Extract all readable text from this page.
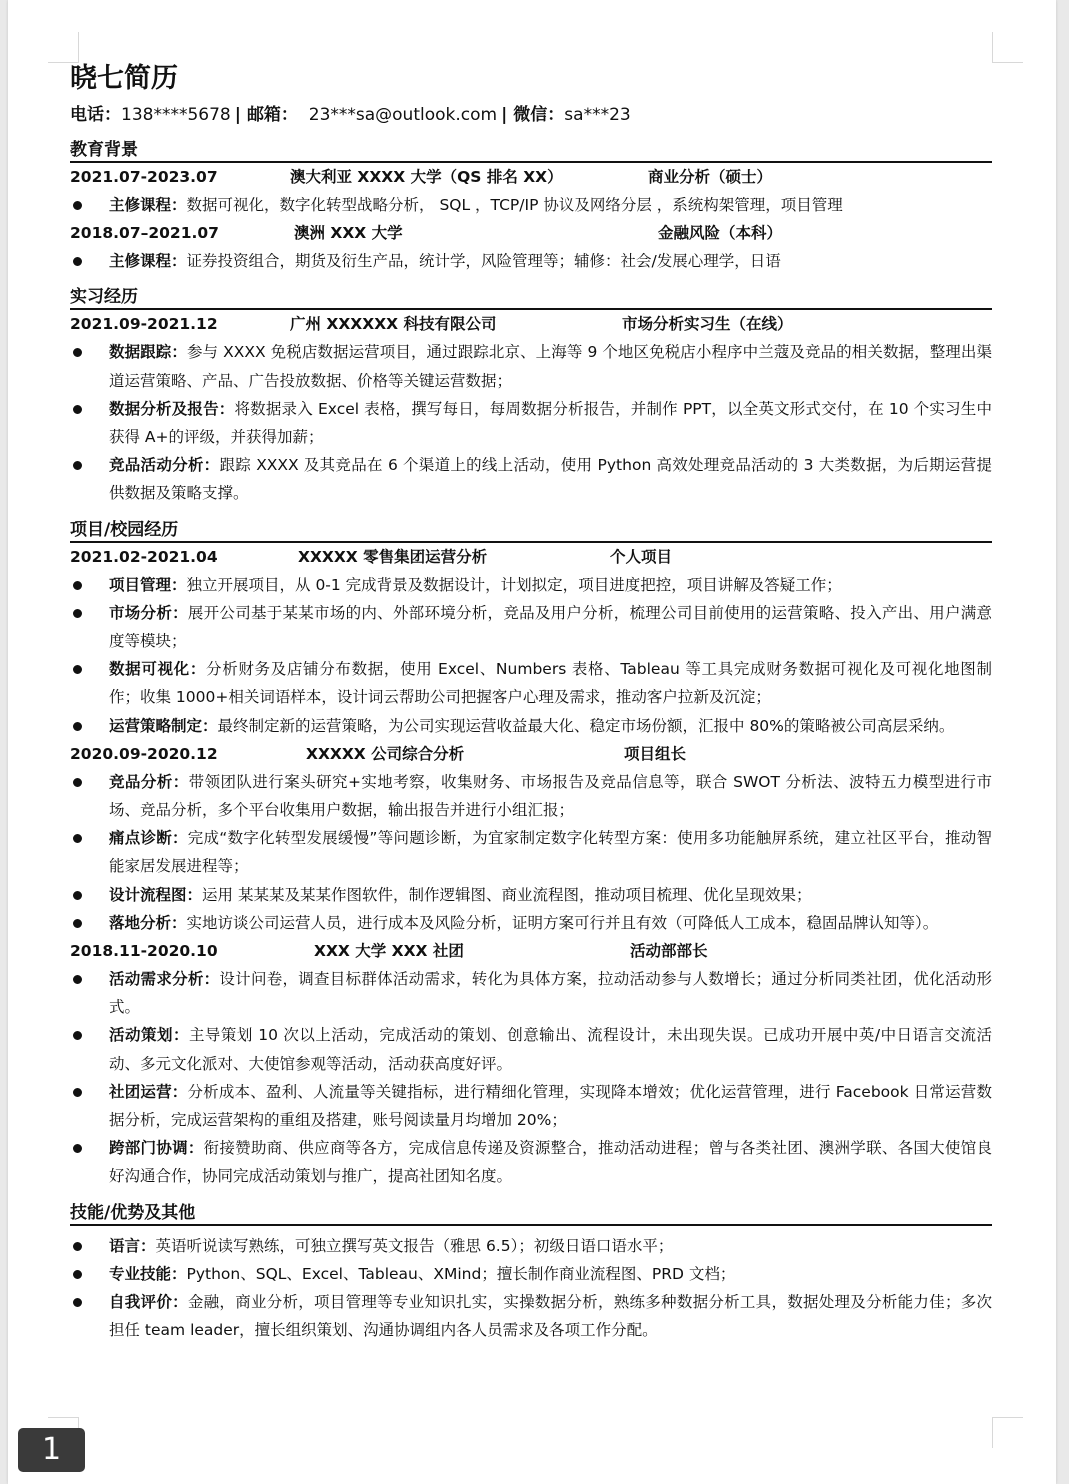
晓七简历
电话：138****5678 | 邮箱： 23***sa@outlook.com | 微信：sa***23
教育背景
2021.07-2023.07	澳大利亚 XXXX 大学（QS 排名 XX）	商业分析（硕士）
主修课程：数据可视化，数字化转型战略分析， SQL ，TCP/IP 协议及网络分层 ，系统构架管理，项目管理
2018.07–2021.07	澳洲 XXX 大学	金融风险（本科）
主修课程：证券投资组合，期货及衍生产品，统计学，风险管理等；辅修：社会/发展心理学，日语
实习经历
2021.09-2021.12	广州 XXXXXX 科技有限公司	市场分析实习生（在线）
数据跟踪：参与 XXXX 免税店数据运营项目，通过跟踪北京、上海等 9 个地区免税店小程序中兰蔻及竞品的相关数据，整理出渠道运营策略、产品、广告投放数据、价格等关键运营数据；
数据分析及报告：将数据录入 Excel 表格，撰写每日，每周数据分析报告，并制作 PPT，以全英文形式交付，在 10 个实习生中获得 A+的评级，并获得加薪；
竞品活动分析：跟踪 XXXX 及其竞品在 6 个渠道上的线上活动，使用 Python 高效处理竞品活动的 3 大类数据，为后期运营提供数据及策略支撑。
项目/校园经历
2021.02-2021.04	XXXXX 零售集团运营分析	个人项目
项目管理：独立开展项目，从 0-1 完成背景及数据设计，计划拟定，项目进度把控，项目讲解及答疑工作；
市场分析：展开公司基于某某市场的内、外部环境分析，竞品及用户分析，梳理公司目前使用的运营策略、投入产出、用户满意度等模块；
数据可视化：分析财务及店铺分布数据，使用 Excel、Numbers 表格、Tableau 等工具完成财务数据可视化及可视化地图制作；收集 1000+相关词语样本，设计词云帮助公司把握客户心理及需求，推动客户拉新及沉淀；
运营策略制定：最终制定新的运营策略，为公司实现运营收益最大化、稳定市场份额，汇报中 80%的策略被公司高层采纳。
2020.09-2020.12	XXXXX 公司综合分析	项目组长
竞品分析：带领团队进行案头研究+实地考察，收集财务、市场报告及竞品信息等，联合 SWOT 分析法、波特五力模型进行市场、竞品分析，多个平台收集用户数据，输出报告并进行小组汇报；
痛点诊断：完成“数字化转型发展缓慢”等问题诊断，为宜家制定数字化转型方案：使用多功能触屏系统，建立社区平台，推动智能家居发展进程等；
设计流程图：运用 某某某及某某作图软件，制作逻辑图、商业流程图，推动项目梳理、优化呈现效果；
落地分析：实地访谈公司运营人员，进行成本及风险分析，证明方案可行并且有效（可降低人工成本，稳固品牌认知等）。
2018.11-2020.10	XXX 大学 XXX 社团	活动部部长
活动需求分析：设计问卷，调查目标群体活动需求，转化为具体方案，拉动活动参与人数增长；通过分析同类社团，优化活动形式。
活动策划：主导策划 10 次以上活动，完成活动的策划、创意输出、流程设计，未出现失误。已成功开展中英/中日语言交流活动、多元文化派对、大使馆参观等活动，活动获高度好评。
社团运营：分析成本、盈利、人流量等关键指标，进行精细化管理，实现降本增效；优化运营管理，进行 Facebook 日常运营数据分析，完成运营架构的重组及搭建，账号阅读量月均增加 20%；
跨部门协调：衔接赞助商、供应商等各方，完成信息传递及资源整合，推动活动进程；曾与各类社团、澳洲学联、各国大使馆良好沟通合作，协同完成活动策划与推广，提高社团知名度。
技能/优势及其他
语言：英语听说读写熟练，可独立撰写英文报告（雅思 6.5）；初级日语口语水平；
专业技能：Python、SQL、Excel、Tableau、XMind；擅长制作商业流程图、PRD 文档；
自我评价：金融，商业分析，项目管理等专业知识扎实，实操数据分析，熟练多种数据分析工具，数据处理及分析能力佳；多次担任 team leader，擅长组织策划、沟通协调组内各人员需求及各项工作分配。
1
